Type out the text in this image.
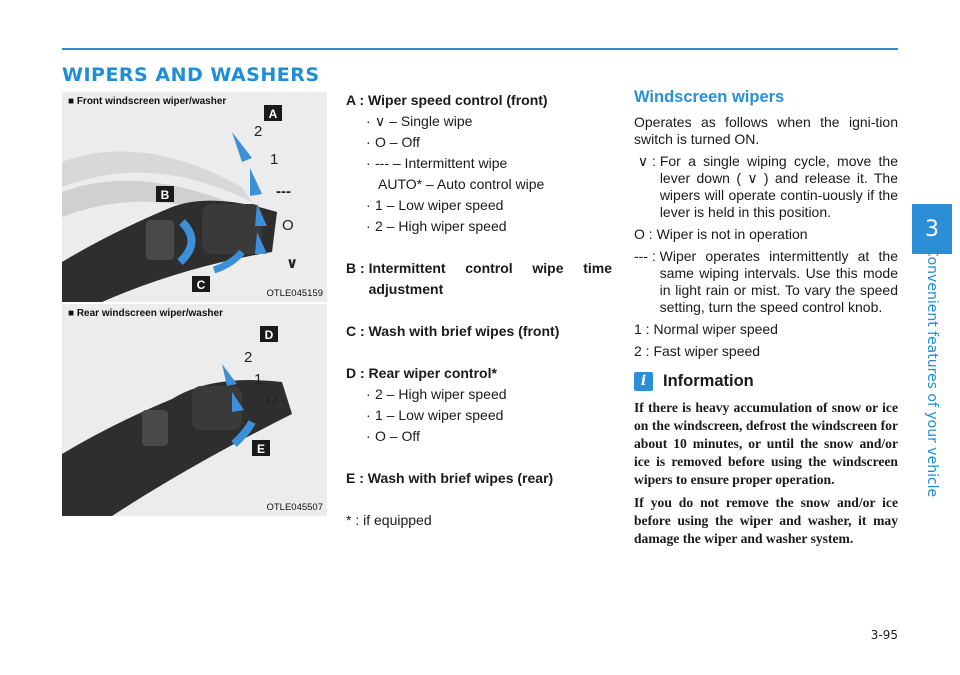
WIPERS AND WASHERS
3
Convenient features of your vehicle
3-95
A
B
C
2
1
---
O
∨
■ Front windscreen wiper/washer
OTLE045159
D
E
2
1
O
■ Rear windscreen wiper/washer
OTLE045507
A : Wiper speed control (front)
· ∨ – Single wipe
· O – Off
· --- – Intermittent wipe
AUTO* – Auto control wipe
· 1 – Low wiper speed
· 2 – High wiper speed
B : Intermittent control wipe time adjustment
C : Wash with brief wipes (front)
D : Rear wiper control*
· 2 – High wiper speed
· 1 – Low wiper speed
· O – Off
E : Wash with brief wipes (rear)
* : if equipped
Windscreen wipers

Operates as follows when the igni-tion switch is turned ON.

∨ : For a single wiping cycle, move the lever down ( ∨ ) and release it. The wipers will operate contin-uously if the lever is held in this position.
O : Wiper is not in operation
--- : Wiper operates intermittently at the same wiping intervals. Use this mode in light rain or mist. To vary the speed setting, turn the speed control knob.
1 : Normal wiper speed
2 : Fast wiper speed
i	Information

If there is heavy accumulation of snow or ice on the windscreen, defrost the windscreen for about 10 minutes, or until the snow and/or ice is removed before using the windscreen wipers to ensure proper operation.

If you do not remove the snow and/or ice before using the wiper and washer, it may damage the wiper and washer system.
